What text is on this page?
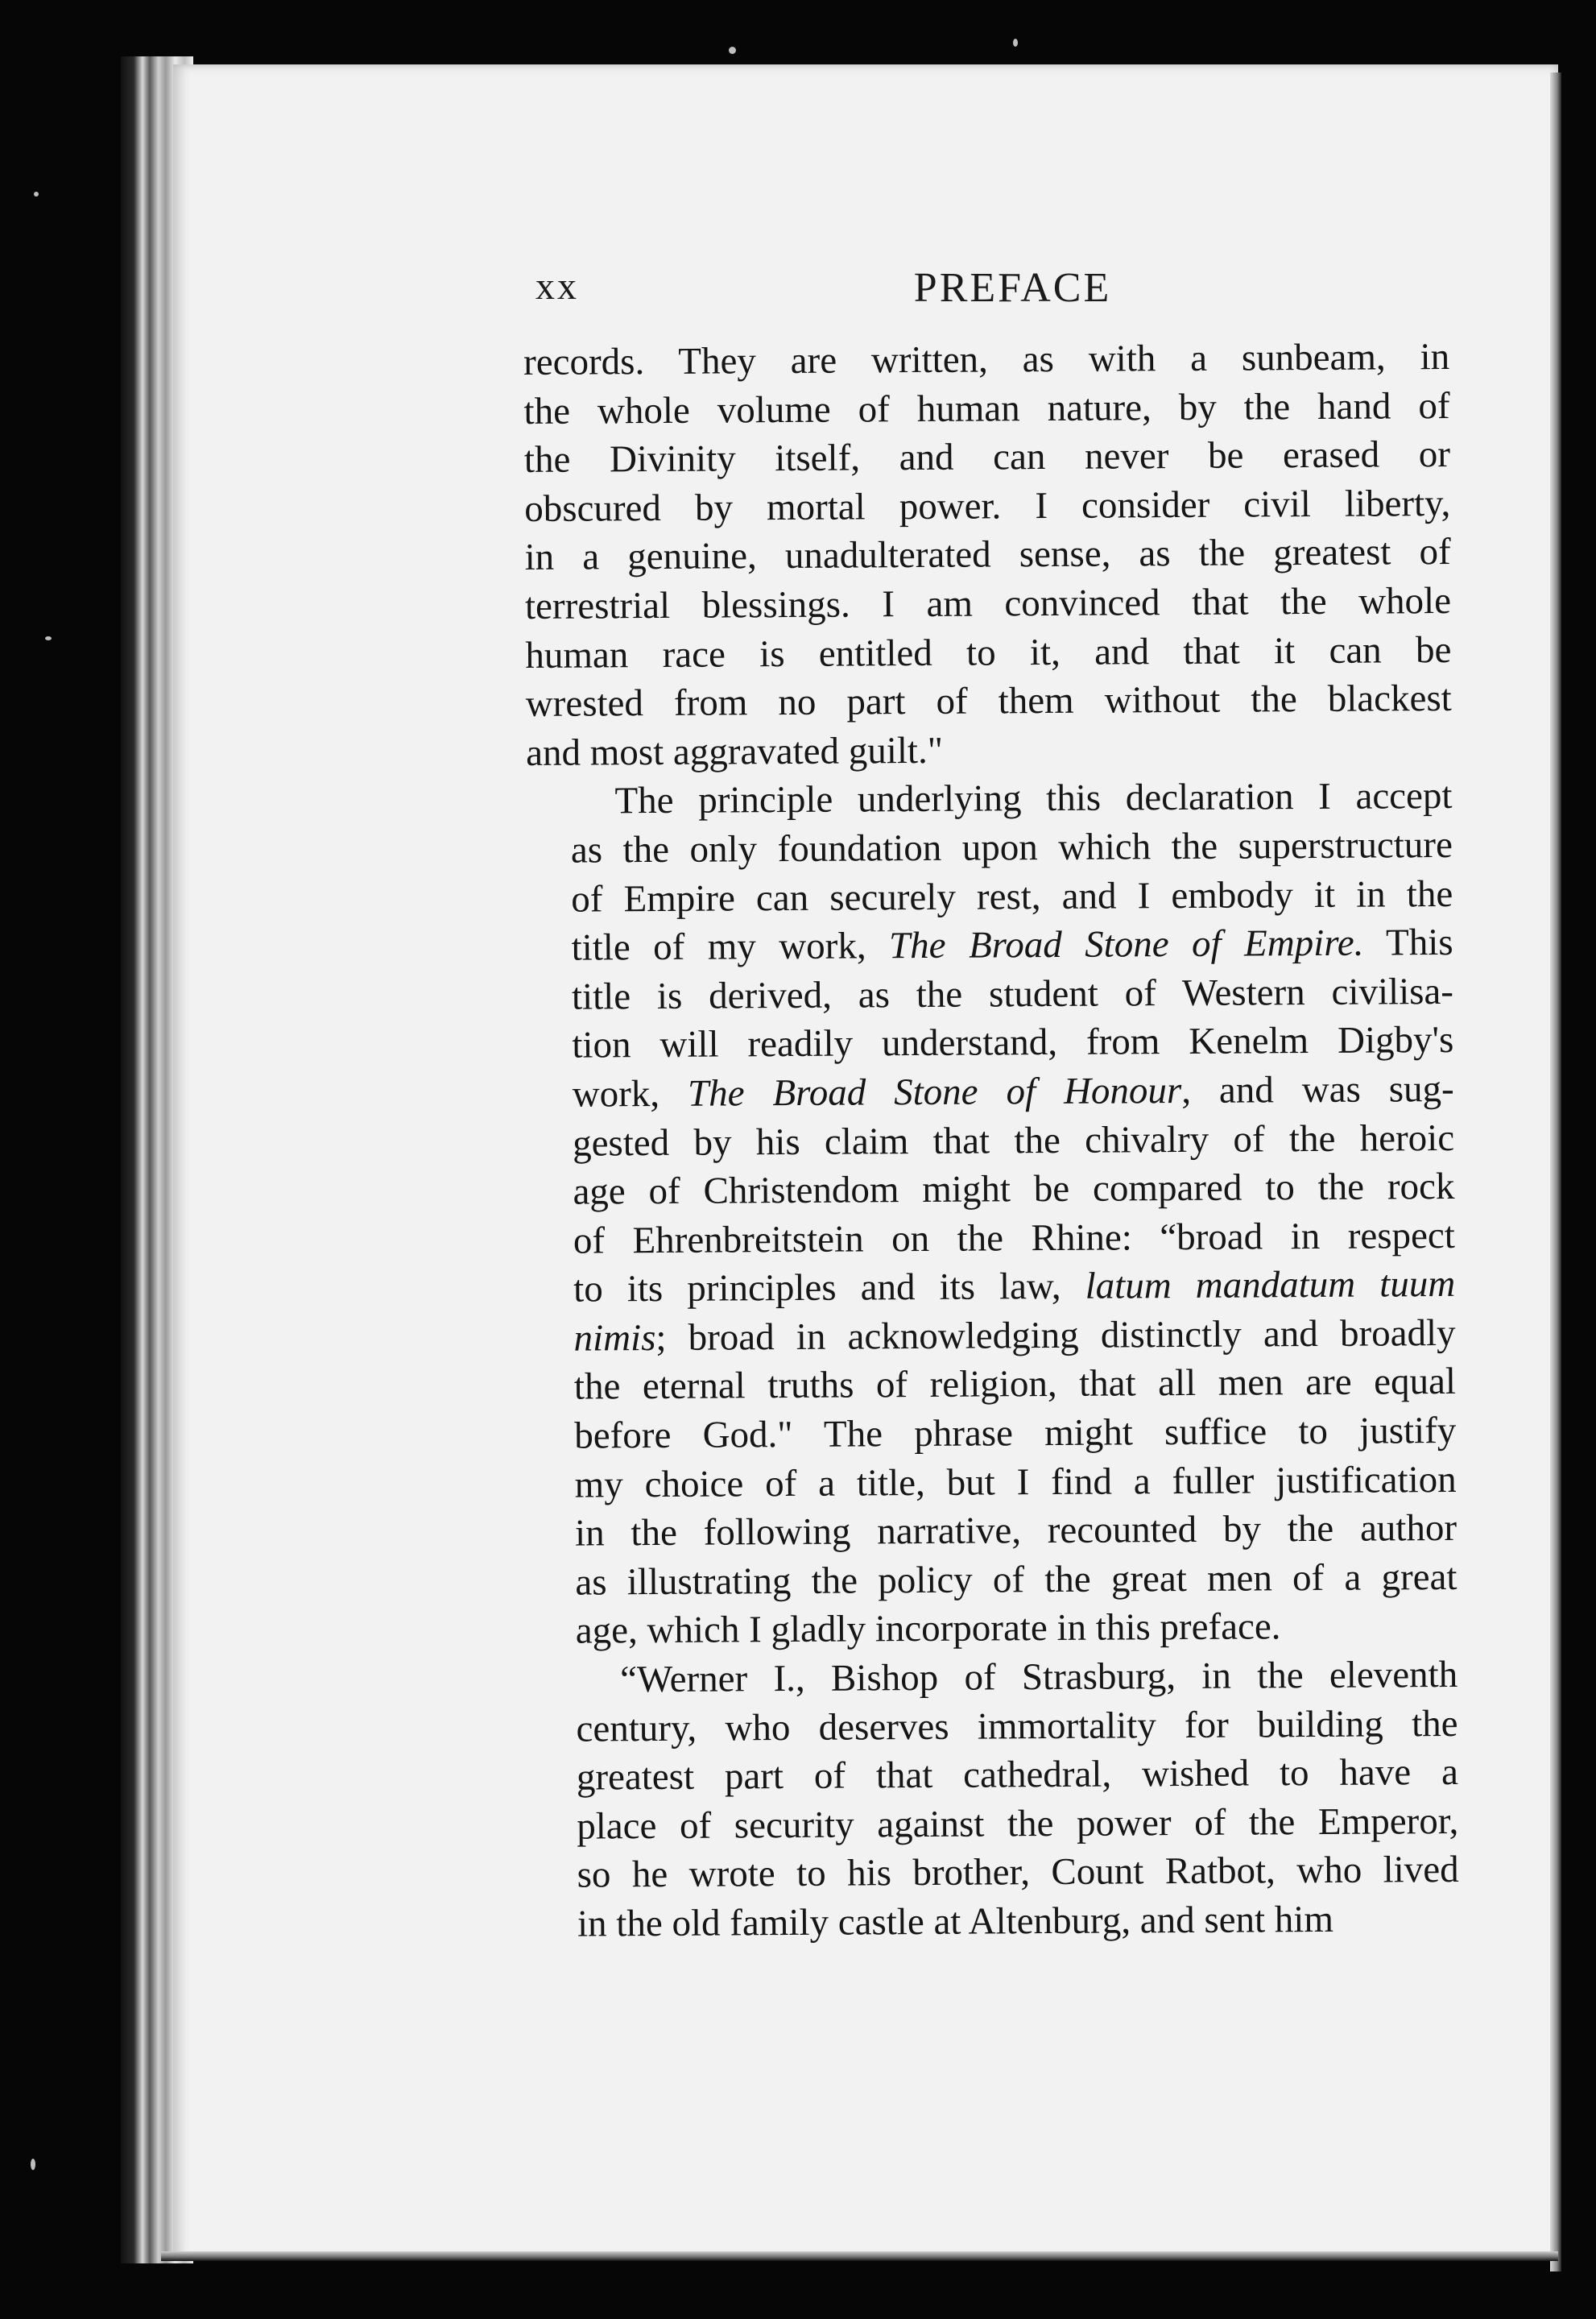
xx	PREFACE
records. They are written, as with a sunbeam, in
the whole volume of human nature, by the hand of
the Divinity itself, and can never be erased or
obscured by mortal power. I consider civil liberty,
in a genuine, unadulterated sense, as the greatest of
terrestrial blessings. I am convinced that the whole
human race is entitled to it, and that it can be
wrested from no part of them without the blackest
and most aggravated guilt."
The principle underlying this declaration I accept
as the only foundation upon which the superstructure
of Empire can securely rest, and I embody it in the
title of my work, The Broad Stone of Empire. This
title is derived, as the student of Western civilisa-
tion will readily understand, from Kenelm Digby's
work, The Broad Stone of Honour, and was sug-
gested by his claim that the chivalry of the heroic
age of Christendom might be compared to the rock
of Ehrenbreitstein on the Rhine: “broad in respect
to its principles and its law, latum mandatum tuum
nimis; broad in acknowledging distinctly and broadly
the eternal truths of religion, that all men are equal
before God." The phrase might suffice to justify
my choice of a title, but I find a fuller justification
in the following narrative, recounted by the author
as illustrating the policy of the great men of a great
age, which I gladly incorporate in this preface.
“Werner I., Bishop of Strasburg, in the eleventh
century, who deserves immortality for building the
greatest part of that cathedral, wished to have a
place of security against the power of the Emperor,
so he wrote to his brother, Count Ratbot, who lived
in the old family castle at Altenburg, and sent him
